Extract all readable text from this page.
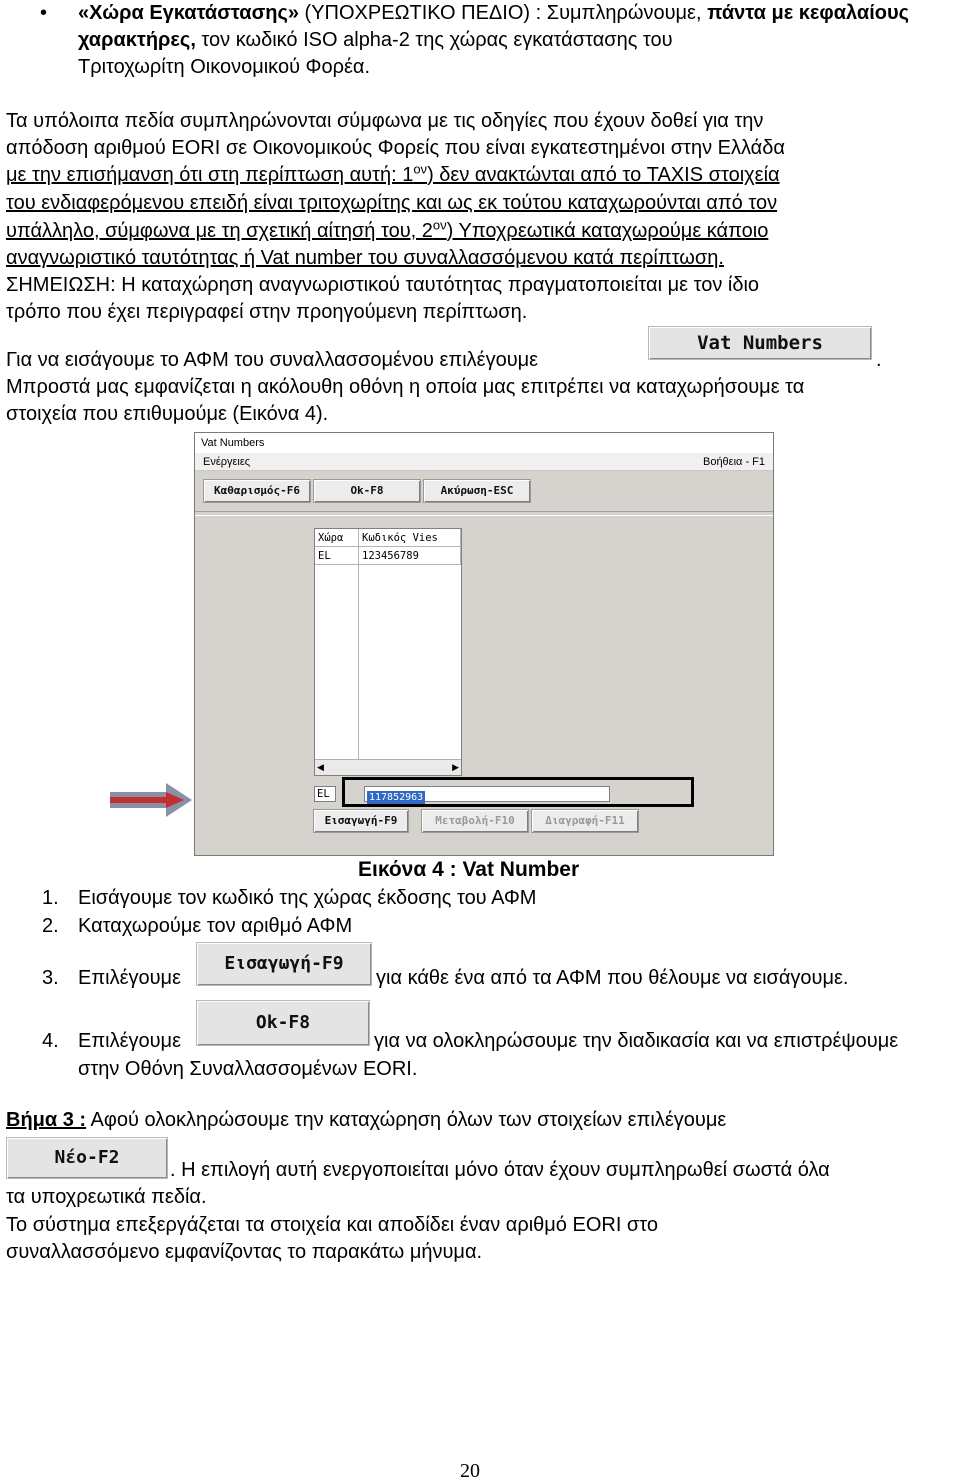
• «Χώρα Εγκατάστασης» (ΥΠΟΧΡΕΩΤΙΚΟ ΠΕΔΙΟ) : Συμπληρώνουμε, πάντα με κεφαλαίους χαρακτήρες, τον κωδικό ISO alpha-2 της χώρας εγκατάστασης του
Τριτοχωρίτη Οικονομικού Φορέα.
Τα υπόλοιπα πεδία συμπληρώνονται σύμφωνα με τις οδηγίες που έχουν δοθεί για την
απόδοση αριθμού EORI σε Οικονομικούς Φορείς που είναι εγκατεστημένοι στην Ελλάδα
με την επισήμανση ότι στη περίπτωση αυτή: $1^{o\nu}$) δεν ανακτώνται από το TAXIS στοιχεία
του ενδιαφερόμενου επειδή είναι τριτοχωρίτης και ως εκ τούτου καταχωρούνται από τον
υπάλληλο, σύμφωνα με τη σχετική αίτησή του, $2^{o\nu}$) Υποχρεωτικά καταχωρούμε κάποιο
αναγνωριστικό ταυτότητας ή Vat number του συναλλασσόμενου κατά περίπτωση.
ΣΗΜΕΙΩΣΗ: Η καταχώρηση αναγνωριστικού ταυτότητας πραγματοποιείται με τον ίδιο
τρόπο που έχει περιγραφεί στην προηγούμενη περίπτωση.
Για να εισάγουμε το ΑΦΜ του συναλλασσομένου επιλέγουμε
Vat Numbers
.
Μπροστά μας εμφανίζεται η ακόλουθη οθόνη η οποία μας επιτρέπει να καταχωρήσουμε τα
στοιχεία που επιθυμούμε (Εικόνα 4).
Vat Numbers
Ενέργειες	Βοήθεια - F1
Καθαρισμός-F6	Ok-F8	Ακύρωση-ESC
Εισαγωγή-F9	Μεταβολή-F10	Διαγραφή-F11
Χώρα	Κωδικός Vies
EL	123456789
◀	▶
EL	117852963
Εικόνα 4 : Vat Number
1. Εισάγουμε τον κωδικό της χώρας έκδοσης του ΑΦΜ
2. Καταχωρούμε τον αριθμό ΑΦΜ
3. Επιλέγουμε
Εισαγωγή-F9
για κάθε ένα από τα ΑΦΜ που θέλουμε να εισάγουμε.
4. Επιλέγουμε
Ok-F8
για να ολοκληρώσουμε την διαδικασία και να επιστρέψουμε
στην Οθόνη Συναλλασσομένων EORI.
Βήμα 3 : Αφού ολοκληρώσουμε την καταχώρηση όλων των στοιχείων επιλέγουμε
Νέο-F2
. Η επιλογή αυτή ενεργοποιείται μόνο όταν έχουν συμπληρωθεί σωστά όλα
τα υποχρεωτικά πεδία.
Το σύστημα επεξεργάζεται τα στοιχεία και αποδίδει έναν αριθμό EORI στο
συναλλασσόμενο εμφανίζοντας το παρακάτω μήνυμα.
20
